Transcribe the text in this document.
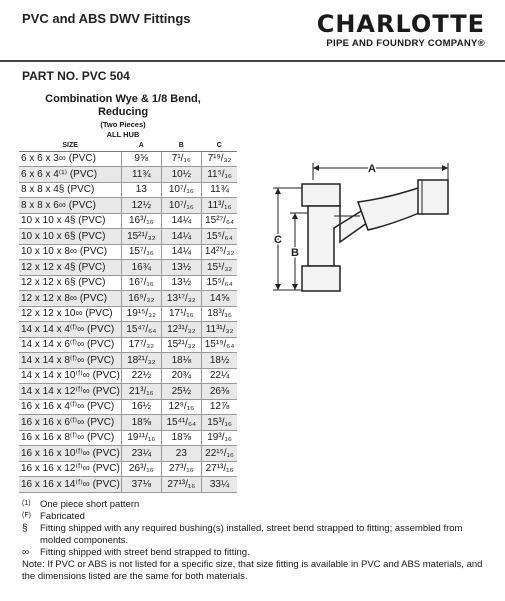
PVC and ABS DWV Fittings	CHARLOTTE
PIPE AND FOUNDRY COMPANY®
PART NO. PVC 504
Combination Wye & 1/8 Bend, Reducing
(Two Pieces)
ALL HUB
SIZE	A	B	C
6 x 6 x 3∞ (PVC)	9⅝	7¹/₁₆	7¹⁹/₃₂
6 x 6 x 4⁽¹⁾ (PVC)	11¾	10½	11⁵/₁₆
8 x 8 x 4§ (PVC)	13	10⁷/₁₆	11¾
8 x 8 x 6∞ (PVC)	12½	10⁷/₁₆	11³/₁₆
10 x 10 x 4§ (PVC)	16³/₁₆	14¼	15²⁷/₆₄
10 x 10 x 6§ (PVC)	15²¹/₃₂	14¼	15⁵/₆₄
10 x 10 x 8∞ (PVC)	15⁷/₁₆	14¼	14²⁵/₃₂
12 x 12 x 4§ (PVC)	16¾	13½	15¹/₃₂
12 x 12 x 6§ (PVC)	16⁷/₁₆	13½	15⁵/₆₄
12 x 12 x 8∞ (PVC)	16⁹/₃₂	13¹⁷/₃₂	14⅝
12 x 12 x 10∞ (PVC)	19¹⁵/₃₂	17¹/₁₆	18³/₁₆
14 x 14 x 4⁽ᶠ⁾∞ (PVC)	15⁴⁷/₆₄	12³¹/₃₂	11³¹/₃₂
14 x 14 x 6⁽ᶠ⁾∞ (PVC)	17⁷/₃₂	15²¹/₃₂	15¹⁹/₆₄
14 x 14 x 8⁽ᶠ⁾∞ (PVC)	18²¹/₃₂	18⅛	18½
14 x 14 x 10⁽ᶠ⁾∞ (PVC)	22½	20¾	22¼
14 x 14 x 12⁽ᶠ⁾∞ (PVC)	21³/₁₆	25½	26⅜
16 x 16 x 4⁽ᶠ⁾∞ (PVC)	16½	12⁹/₁₆	12⅞
16 x 16 x 6⁽ᶠ⁾∞ (PVC)	18⅝	15⁴¹/₆₄	15³/₁₆
16 x 16 x 8⁽ᶠ⁾∞ (PVC)	19¹¹/₁₆	18⅝	19³/₁₆
16 x 16 x 10⁽ᶠ⁾∞ (PVC)	23¼	23	22¹⁵/₁₆
16 x 16 x 12⁽ᶠ⁾∞ (PVC)	26³/₁₆	27³/₁₆	27¹³/₁₆
16 x 16 x 14⁽ᶠ⁾∞ (PVC)	37⅛	27¹³/₁₆	33¼
A
C
B
(1) One piece short pattern
(F) Fabricated
§	Fitting shipped with any required bushing(s) installed, street bend strapped to fitting; assembled from molded components.
∞	Fitting shipped with street bend strapped to fitting.
Note: If PVC or ABS is not listed for a specific size, that size fitting is available in PVC and ABS materials, and the dimensions listed are the same for both materials.
